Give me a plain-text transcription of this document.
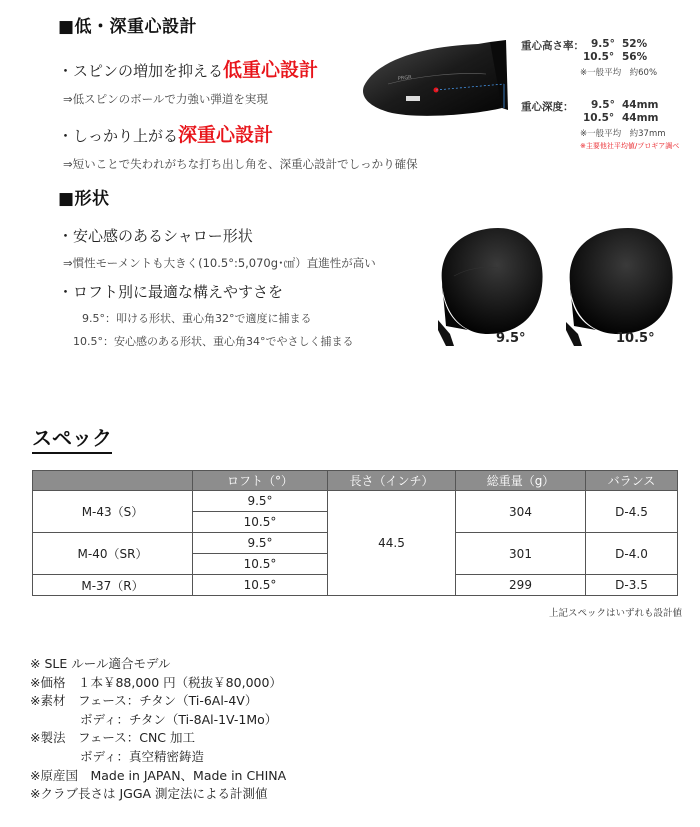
■低・深重心設計
・スピンの増加を抑える低重心設計
⇒低スピンのボールで力強い弾道を実現
・しっかり上がる深重心設計
⇒短いことで失われがちな打ち出し角を、深重心設計でしっかり確保
PRGR
重心高さ率： 9.5° 52%
10.5° 56%
※一般平均　約60%
重心深度： 9.5° 44mm
10.5° 44mm
※一般平均　約37mm
※主要他社平均値/プロギア調べ
■形状
・安心感のあるシャロー形状
⇒慣性モーメントも大きく(10.5°:5,070g･㎠）直進性が高い
・ロフト別に最適な構えやすさを
9.5°：叩ける形状、重心角32°で適度に捕まる
10.5°：安心感のある形状、重心角34°でやさしく捕まる	9.5°	10.5°
スペック
	ロフト（°）	長さ（インチ）	総重量（g）	バランス
M-43（S）	9.5°	44.5	304	D-4.5
	10.5°			
M-40（SR）	9.5°		301	D-4.0
	10.5°			
M-37（R）	10.5°		299	D-3.5
上記スペックはいずれも設計値
※ SLE ルール適合モデル
※価格　１本￥88,000 円（税抜￥80,000）
※素材　フェース：チタン（Ti-6Al-4V）
　　　　ボディ：チタン（Ti-8Al-1V-1Mo）
※製法　フェース：CNC 加工
　　　　ボディ：真空精密鋳造
※原産国　Made in JAPAN、Made in CHINA
※クラブ長さは JGGA 測定法による計測値
